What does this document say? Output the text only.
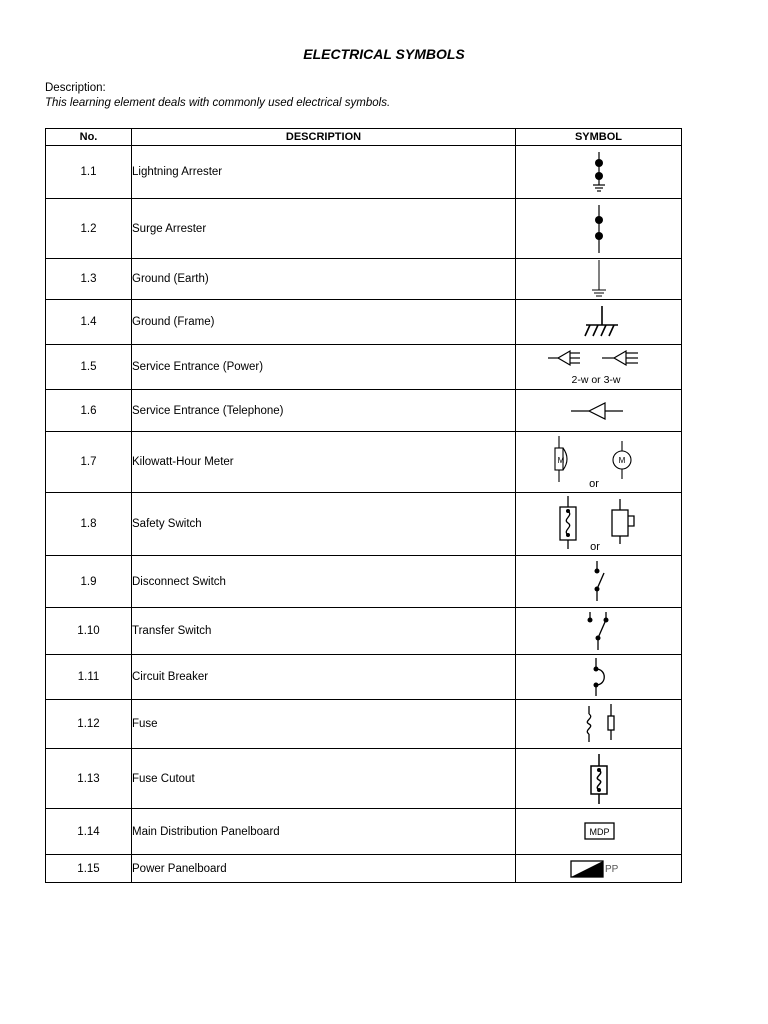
ELECTRICAL SYMBOLS
Description:
This learning element deals with commonly used electrical symbols.
No.	DESCRIPTION	SYMBOL
1.1	Lightning Arrester	

1.2	Surge Arrester	

1.3	Ground (Earth)	

1.4	Ground (Frame)	

1.5	Service Entrance (Power)	2-w or 3-w

1.6	Service Entrance (Telephone)	

1.7	Kilowatt-Hour Meter	M M
or

1.8	Safety Switch	or

1.9	Disconnect Switch	

1.10	Transfer Switch	

1.11	Circuit Breaker	

1.12	Fuse	

1.13	Fuse Cutout	

1.14	Main Distribution Panelboard	MDP

1.15	Power Panelboard	PP
